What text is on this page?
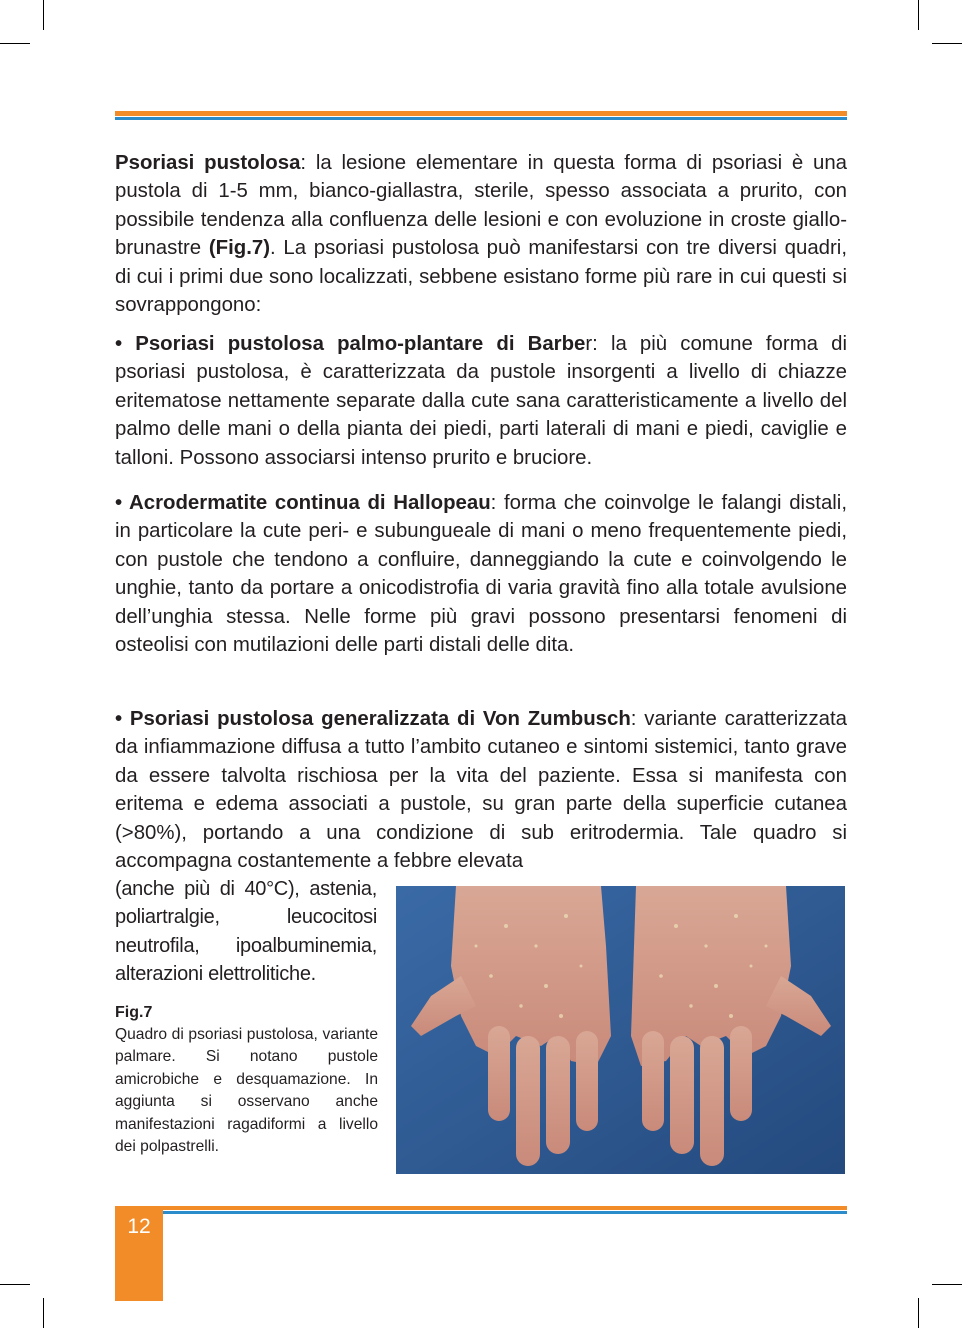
Psoriasi pustolosa: la lesione elementare in questa forma di psoriasi è una pustola di 1-5 mm, bianco-giallastra, sterile, spesso associata a prurito, con possibile tendenza alla confluenza delle lesioni e con evoluzione in croste giallo-brunastre (Fig.7). La psoriasi pustolosa può manifestarsi con tre diversi quadri, di cui i primi due sono localizzati, sebbene esistano forme più rare in cui questi si sovrappongono:

• Psoriasi pustolosa palmo-plantare di Barber: la più comune forma di psoriasi pustolosa, è caratterizzata da pustole insorgenti a livello di chiazze eritematose nettamente separate dalla cute sana caratteristicamente a livello del palmo delle mani o della pianta dei piedi, parti laterali di mani e piedi, caviglie e talloni. Possono associarsi intenso prurito e bruciore.

• Acrodermatite continua di Hallopeau: forma che coinvolge le falangi distali, in particolare la cute peri- e subungueale di mani o meno frequentemente piedi, con pustole che tendono a confluire, danneggiando la cute e coinvolgendo le unghie, tanto da portare a onicodistrofia di varia gravità fino alla totale avulsione dell’unghia stessa. Nelle forme più gravi possono presentarsi fenomeni di osteolisi con mutilazioni delle parti distali delle dita.

• Psoriasi pustolosa generalizzata di Von Zumbusch: variante caratterizzata da infiammazione diffusa a tutto l’ambito cutaneo e sintomi sistemici, tanto grave da essere talvolta rischiosa per la vita del paziente. Essa si manifesta con eritema e edema associati a pustole, su gran parte della superficie cutanea (>80%), portando a una condizione di sub eritrodermia. Tale quadro si accompagna costantemente a febbre elevata

(anche più di 40°C), astenia, poliartralgie, leucocitosi neutrofila, ipoalbuminemia, alterazioni elettrolitiche.

Fig.7

Quadro di psoriasi pustolosa, variante palmare. Si notano pustole amicrobiche e desquamazione. In aggiunta si osservano anche manifestazioni ragadiformi a livello dei polpastrelli.

12
